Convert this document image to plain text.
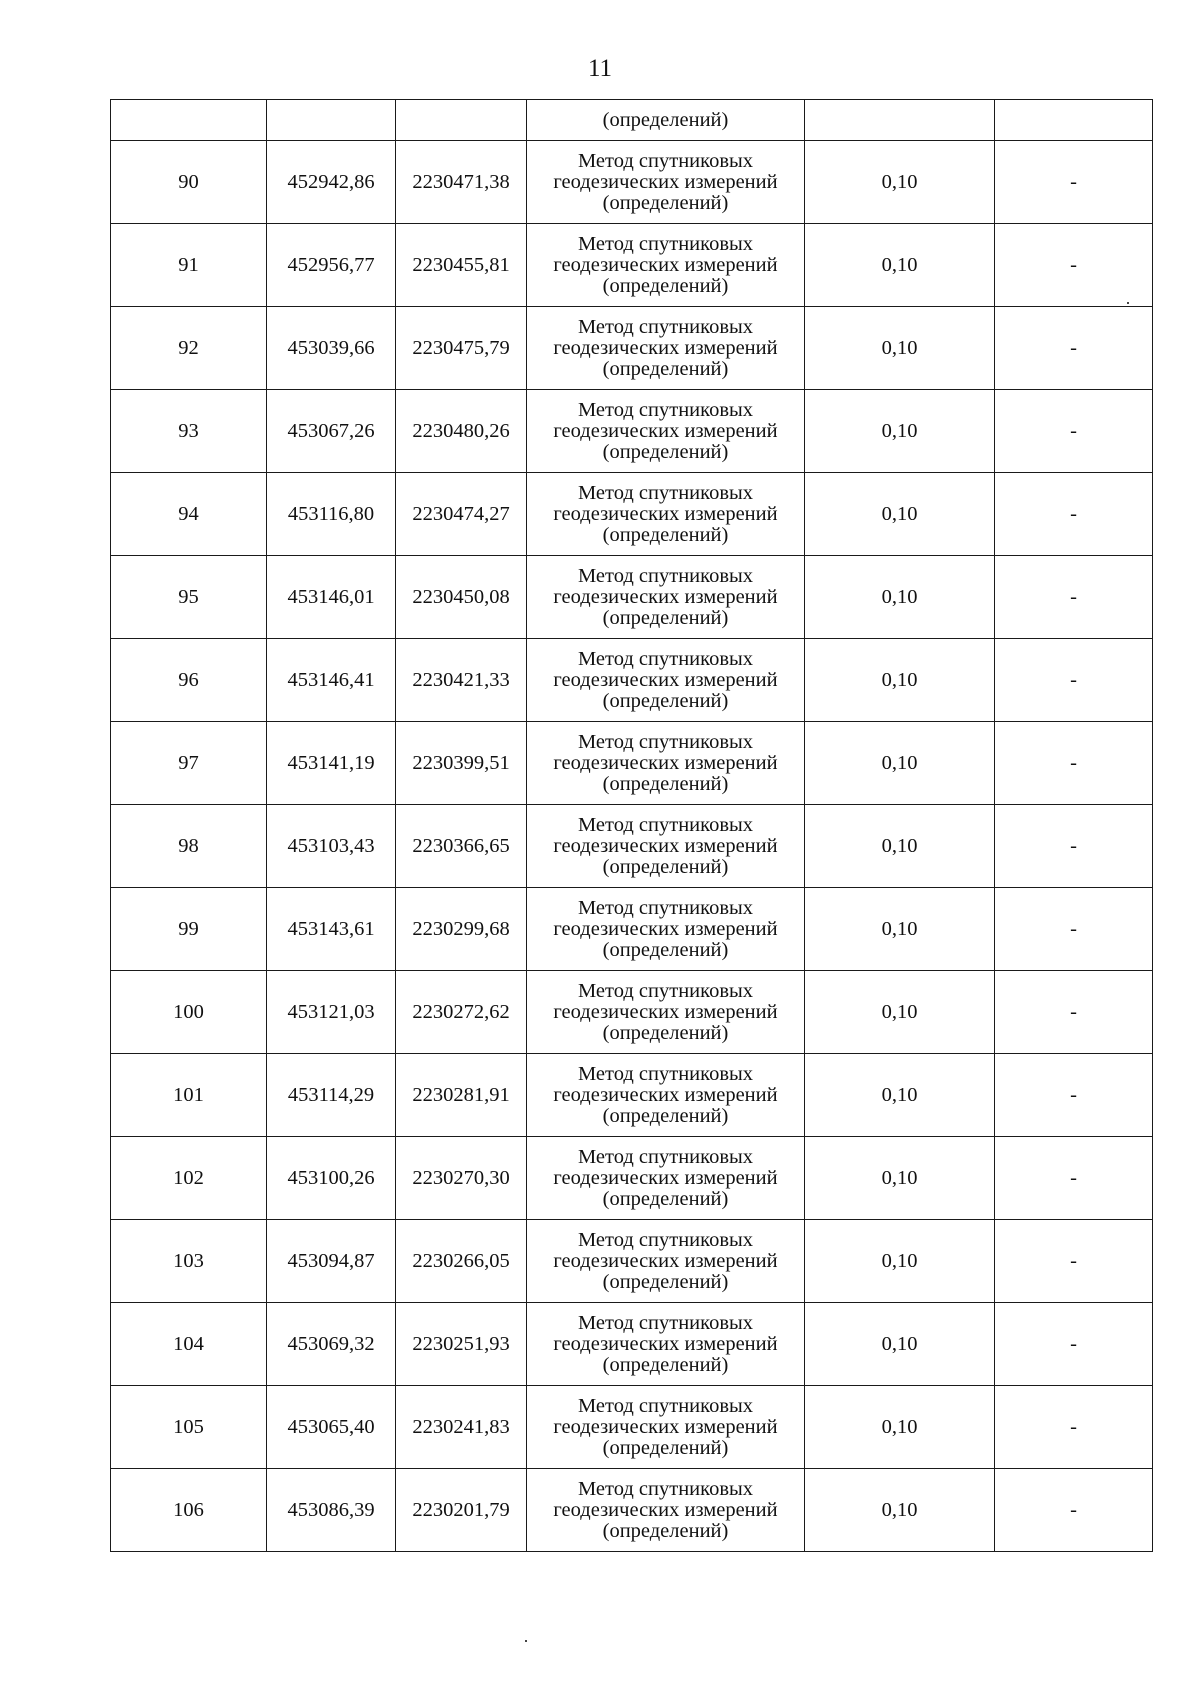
11
			(определений)		
90	452942,86	2230471,38	Метод спутниковых
геодезических измерений
(определений)	0,10	-
91	452956,77	2230455,81	Метод спутниковых
геодезических измерений
(определений)	0,10	-
92	453039,66	2230475,79	Метод спутниковых
геодезических измерений
(определений)	0,10	-
93	453067,26	2230480,26	Метод спутниковых
геодезических измерений
(определений)	0,10	-
94	453116,80	2230474,27	Метод спутниковых
геодезических измерений
(определений)	0,10	-
95	453146,01	2230450,08	Метод спутниковых
геодезических измерений
(определений)	0,10	-
96	453146,41	2230421,33	Метод спутниковых
геодезических измерений
(определений)	0,10	-
97	453141,19	2230399,51	Метод спутниковых
геодезических измерений
(определений)	0,10	-
98	453103,43	2230366,65	Метод спутниковых
геодезических измерений
(определений)	0,10	-
99	453143,61	2230299,68	Метод спутниковых
геодезических измерений
(определений)	0,10	-
100	453121,03	2230272,62	Метод спутниковых
геодезических измерений
(определений)	0,10	-
101	453114,29	2230281,91	Метод спутниковых
геодезических измерений
(определений)	0,10	-
102	453100,26	2230270,30	Метод спутниковых
геодезических измерений
(определений)	0,10	-
103	453094,87	2230266,05	Метод спутниковых
геодезических измерений
(определений)	0,10	-
104	453069,32	2230251,93	Метод спутниковых
геодезических измерений
(определений)	0,10	-
105	453065,40	2230241,83	Метод спутниковых
геодезических измерений
(определений)	0,10	-
106	453086,39	2230201,79	Метод спутниковых
геодезических измерений
(определений)	0,10	-
